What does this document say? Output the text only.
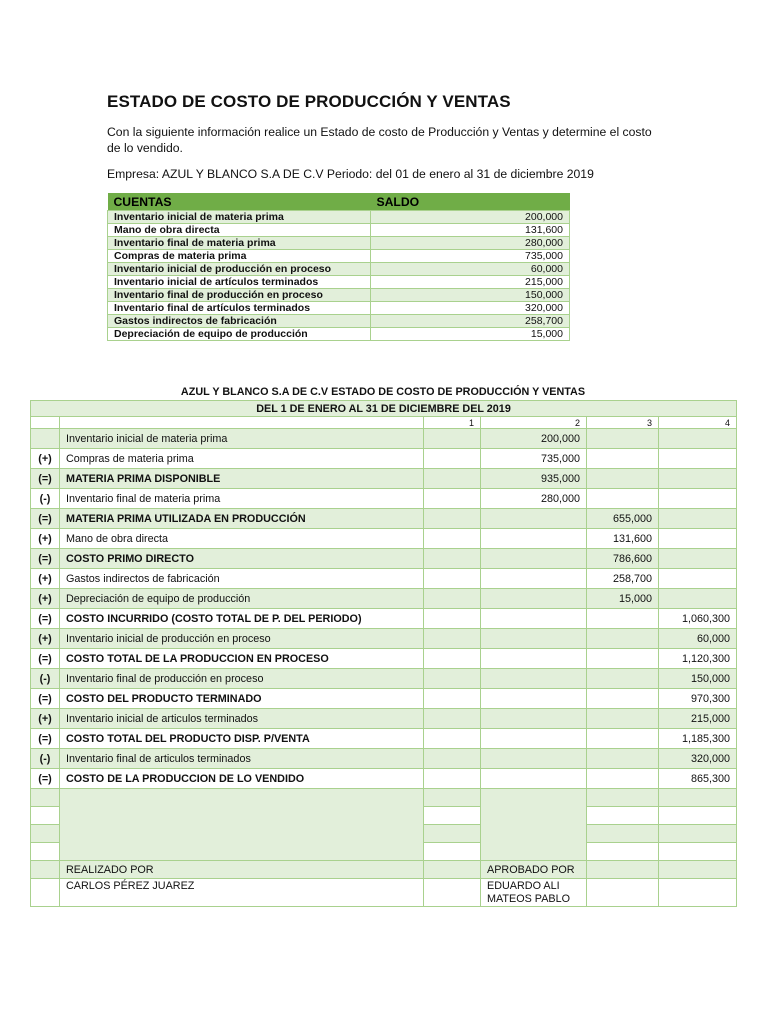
ESTADO DE COSTO DE PRODUCCIÓN Y VENTAS
Con la siguiente información realice un Estado de costo de Producción y Ventas y determine el costo de lo vendido.
Empresa: AZUL Y BLANCO S.A DE C.V Periodo: del 01 de enero al 31 de diciembre 2019
CUENTAS	SALDO
Inventario inicial de materia prima	200,000
Mano de obra directa	131,600
Inventario final de materia prima	280,000
Compras de materia prima	735,000
Inventario inicial de producción en proceso	60,000
Inventario inicial de artículos terminados	215,000
Inventario final de producción en proceso	150,000
Inventario final de artículos terminados	320,000
Gastos indirectos de fabricación	258,700
Depreciación de equipo de producción	15,000
AZUL Y BLANCO S.A DE C.V ESTADO DE COSTO DE PRODUCCIÓN Y VENTAS
DEL 1 DE ENERO AL 31 DE DICIEMBRE DEL 2019					
		1	2	3	4
	Inventario inicial de materia prima		200,000		
(+)	Compras de materia prima		735,000		
(=)	MATERIA PRIMA DISPONIBLE		935,000		
(-)	Inventario final de materia prima		280,000		
(=)	MATERIA PRIMA UTILIZADA EN PRODUCCIÓN			655,000	
(+)	Mano de obra directa			131,600	
(=)	COSTO PRIMO DIRECTO			786,600	
(+)	Gastos indirectos de fabricación			258,700	
(+)	Depreciación de equipo de producción			15,000	
(=)	COSTO INCURRIDO (COSTO TOTAL DE P. DEL PERIODO)				1,060,300
(+)	Inventario inicial de producción en proceso				60,000
(=)	COSTO TOTAL DE LA PRODUCCION EN PROCESO				1,120,300
(-)	Inventario final de producción en proceso				150,000
(=)	COSTO DEL PRODUCTO TERMINADO				970,300
(+)	Inventario inicial de articulos terminados				215,000
(=)	COSTO TOTAL DEL PRODUCTO DISP. P/VENTA				1,185,300
(-)	Inventario final de articulos terminados				320,000
(=)	COSTO DE LA PRODUCCION DE LO VENDIDO				865,300

	REALIZADO POR		APROBADO POR		
	CARLOS PÉREZ JUAREZ		EDUARDO ALI MATEOS PABLO		
